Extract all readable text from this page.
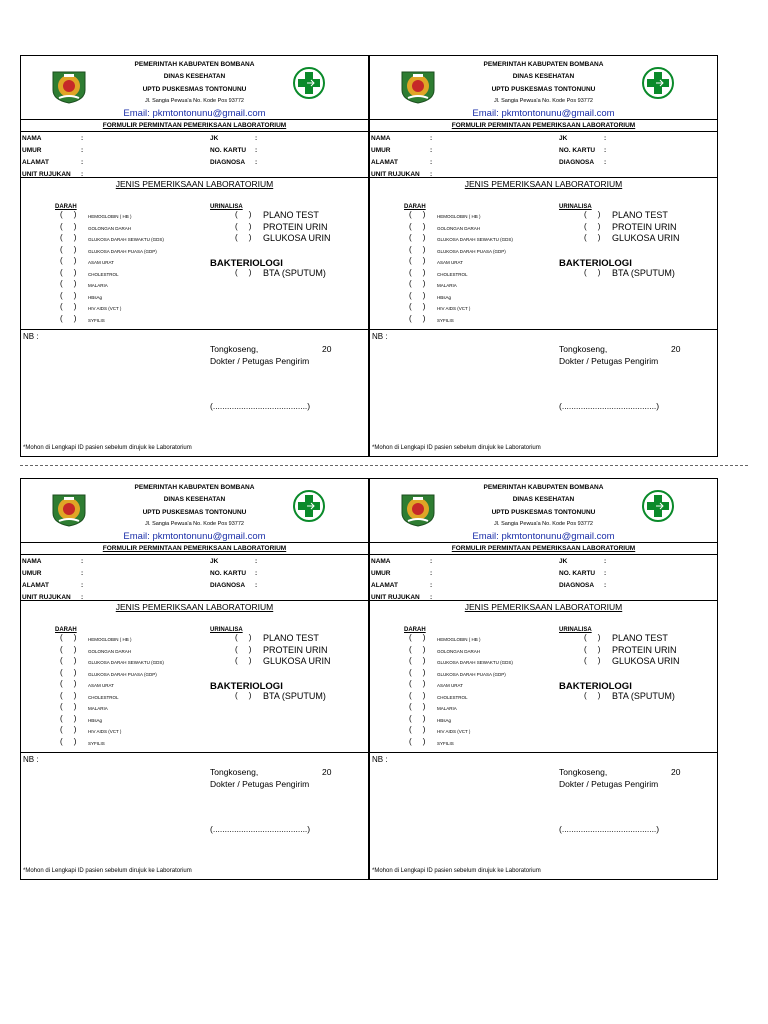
PEMERINTAH KABUPATEN BOMBANA
DINAS KESEHATAN
UPTD PUSKESMAS TONTONUNU
Jl. Sangia Pewua'a No. Kode Pos 93772
Email: pkmtontonunu@gmail.com
FORMULIR PERMINTAAN PEMERIKSAAN LABORATORIUM
NAMA	:
UMUR	:
ALAMAT	:
UNIT RUJUKAN :
JK	:
NO. KARTU :
DIAGNOSA :
JENIS PEMERIKSAAN LABORATORIUM
DARAH	URINALISA
(     )	HEMOGLOBIN ( HB )
(     )	GOLONGAN DARAH
(     )	GLUKOSA DARAH SEWAKTU (GDS)
(     )	GLUKOSA DARAH PUASA (GDP)
(     )	ASAM URAT
(     )	CHOLESTROL
(     )	MALARIA
(     )	HBsAg
(     )	HIV AIDS (VCT )
(     )	SYFILIS
(     ) PLANO TEST
(     ) PROTEIN URIN
(     ) GLUKOSA URIN
BAKTERIOLOGI
(     ) BTA (SPUTUM)
NB :
Tongkoseng,	20
Dokter / Petugas Pengirim
(........................................)
*Mohon di Lengkapi ID pasien sebelum dirujuk ke Laboratorium
PEMERINTAH KABUPATEN BOMBANA
DINAS KESEHATAN
UPTD PUSKESMAS TONTONUNU
Jl. Sangia Pewua'a No. Kode Pos 93772
Email: pkmtontonunu@gmail.com
FORMULIR PERMINTAAN PEMERIKSAAN LABORATORIUM
NAMA	:
UMUR	:
ALAMAT	:
UNIT RUJUKAN :
JK	:
NO. KARTU :
DIAGNOSA :
JENIS PEMERIKSAAN LABORATORIUM
DARAH	URINALISA
(     )	HEMOGLOBIN ( HB )
(     )	GOLONGAN DARAH
(     )	GLUKOSA DARAH SEWAKTU (GDS)
(     )	GLUKOSA DARAH PUASA (GDP)
(     )	ASAM URAT
(     )	CHOLESTROL
(     )	MALARIA
(     )	HBsAg
(     )	HIV AIDS (VCT )
(     )	SYFILIS
(     ) PLANO TEST
(     ) PROTEIN URIN
(     ) GLUKOSA URIN
BAKTERIOLOGI
(     ) BTA (SPUTUM)
NB :
Tongkoseng,	20
Dokter / Petugas Pengirim
(........................................)
*Mohon di Lengkapi ID pasien sebelum dirujuk ke Laboratorium
PEMERINTAH KABUPATEN BOMBANA
DINAS KESEHATAN
UPTD PUSKESMAS TONTONUNU
Jl. Sangia Pewua'a No. Kode Pos 93772
Email: pkmtontonunu@gmail.com
FORMULIR PERMINTAAN PEMERIKSAAN LABORATORIUM
NAMA	:
UMUR	:
ALAMAT	:
UNIT RUJUKAN :
JK	:
NO. KARTU :
DIAGNOSA :
JENIS PEMERIKSAAN LABORATORIUM
DARAH	URINALISA
(     )	HEMOGLOBIN ( HB )
(     )	GOLONGAN DARAH
(     )	GLUKOSA DARAH SEWAKTU (GDS)
(     )	GLUKOSA DARAH PUASA (GDP)
(     )	ASAM URAT
(     )	CHOLESTROL
(     )	MALARIA
(     )	HBsAg
(     )	HIV AIDS (VCT )
(     )	SYFILIS
(     ) PLANO TEST
(     ) PROTEIN URIN
(     ) GLUKOSA URIN
BAKTERIOLOGI
(     ) BTA (SPUTUM)
NB :
Tongkoseng,	20
Dokter / Petugas Pengirim
(........................................)
*Mohon di Lengkapi ID pasien sebelum dirujuk ke Laboratorium
PEMERINTAH KABUPATEN BOMBANA
DINAS KESEHATAN
UPTD PUSKESMAS TONTONUNU
Jl. Sangia Pewua'a No. Kode Pos 93772
Email: pkmtontonunu@gmail.com
FORMULIR PERMINTAAN PEMERIKSAAN LABORATORIUM
NAMA	:
UMUR	:
ALAMAT	:
UNIT RUJUKAN :
JK	:
NO. KARTU :
DIAGNOSA :
JENIS PEMERIKSAAN LABORATORIUM
DARAH	URINALISA
(     )	HEMOGLOBIN ( HB )
(     )	GOLONGAN DARAH
(     )	GLUKOSA DARAH SEWAKTU (GDS)
(     )	GLUKOSA DARAH PUASA (GDP)
(     )	ASAM URAT
(     )	CHOLESTROL
(     )	MALARIA
(     )	HBsAg
(     )	HIV AIDS (VCT )
(     )	SYFILIS
(     ) PLANO TEST
(     ) PROTEIN URIN
(     ) GLUKOSA URIN
BAKTERIOLOGI
(     ) BTA (SPUTUM)
NB :
Tongkoseng,	20
Dokter / Petugas Pengirim
(........................................)
*Mohon di Lengkapi ID pasien sebelum dirujuk ke Laboratorium
